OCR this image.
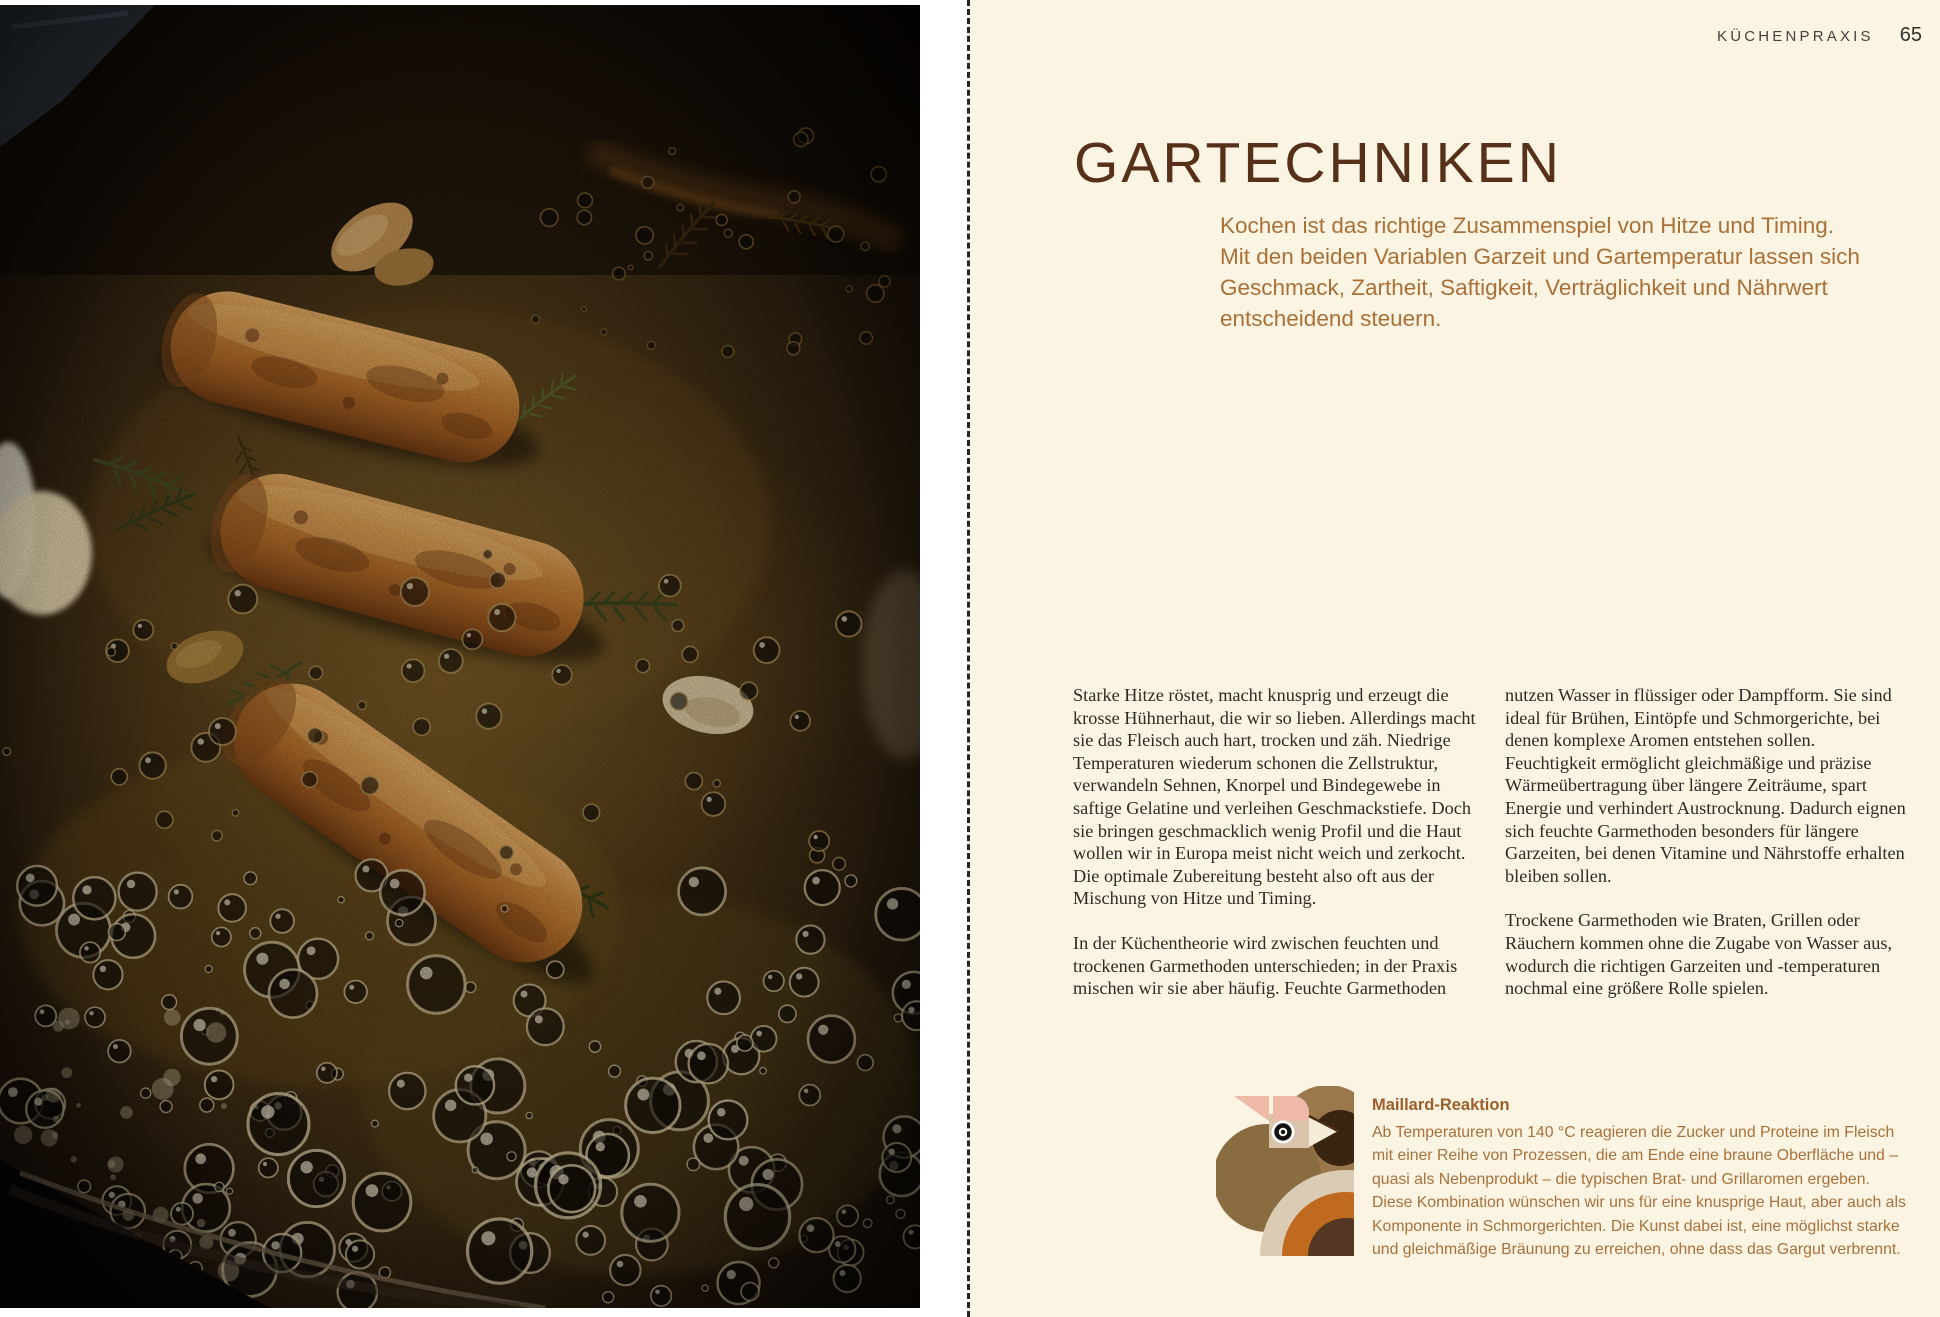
KÜCHENPRAXIS 65
GARTECHNIKEN
Kochen ist das richtige Zusammenspiel von Hitze und Timing.
Mit den beiden Variablen Garzeit und Gartemperatur lassen sich
Geschmack, Zartheit, Saftigkeit, Verträglichkeit und Nährwert
entscheidend steuern.

Starke Hitze röstet, macht knusprig und erzeugt die krosse Hühnerhaut, die wir so lieben. Allerdings macht sie das Fleisch auch hart, trocken und zäh. Niedrige Temperaturen wiederum schonen die Zellstruktur, verwandeln Sehnen, Knorpel und Bindegewebe in saftige Gelatine und verleihen Geschmackstiefe. Doch sie bringen geschmacklich wenig Profil und die Haut wollen wir in Europa meist nicht weich und zerkocht. Die optimale Zubereitung besteht also oft aus der Mischung von Hitze und Timing.

In der Küchentheorie wird zwischen feuchten und trockenen Garmethoden unterschieden; in der Praxis mischen wir sie aber häufig. Feuchte Garmethoden

nutzen Wasser in flüssiger oder Dampfform. Sie sind ideal für Brühen, Eintöpfe und Schmorgerichte, bei denen komplexe Aromen entstehen sollen. Feuchtigkeit ermöglicht gleichmäßige und präzise Wärmeübertragung über längere Zeiträume, spart Energie und verhindert Austrocknung. Dadurch eignen sich feuchte Garmethoden besonders für längere Garzeiten, bei denen Vitamine und Nährstoffe erhalten bleiben sollen.

Trockene Garmethoden wie Braten, Grillen oder Räuchern kommen ohne die Zugabe von Wasser aus, wodurch die richtigen Garzeiten und -temperaturen nochmal eine größere Rolle spielen.

Maillard-Reaktion
Ab Temperaturen von 140 °C reagieren die Zucker und Proteine im Fleisch mit einer Reihe von Prozessen, die am Ende eine braune Oberfläche und – quasi als Nebenprodukt – die typischen Brat- und Grillaromen ergeben. Diese Kombination wünschen wir uns für eine knusprige Haut, aber auch als Komponente in Schmorgerichten. Die Kunst dabei ist, eine möglichst starke und gleichmäßige Bräunung zu erreichen, ohne dass das Gargut verbrennt.
